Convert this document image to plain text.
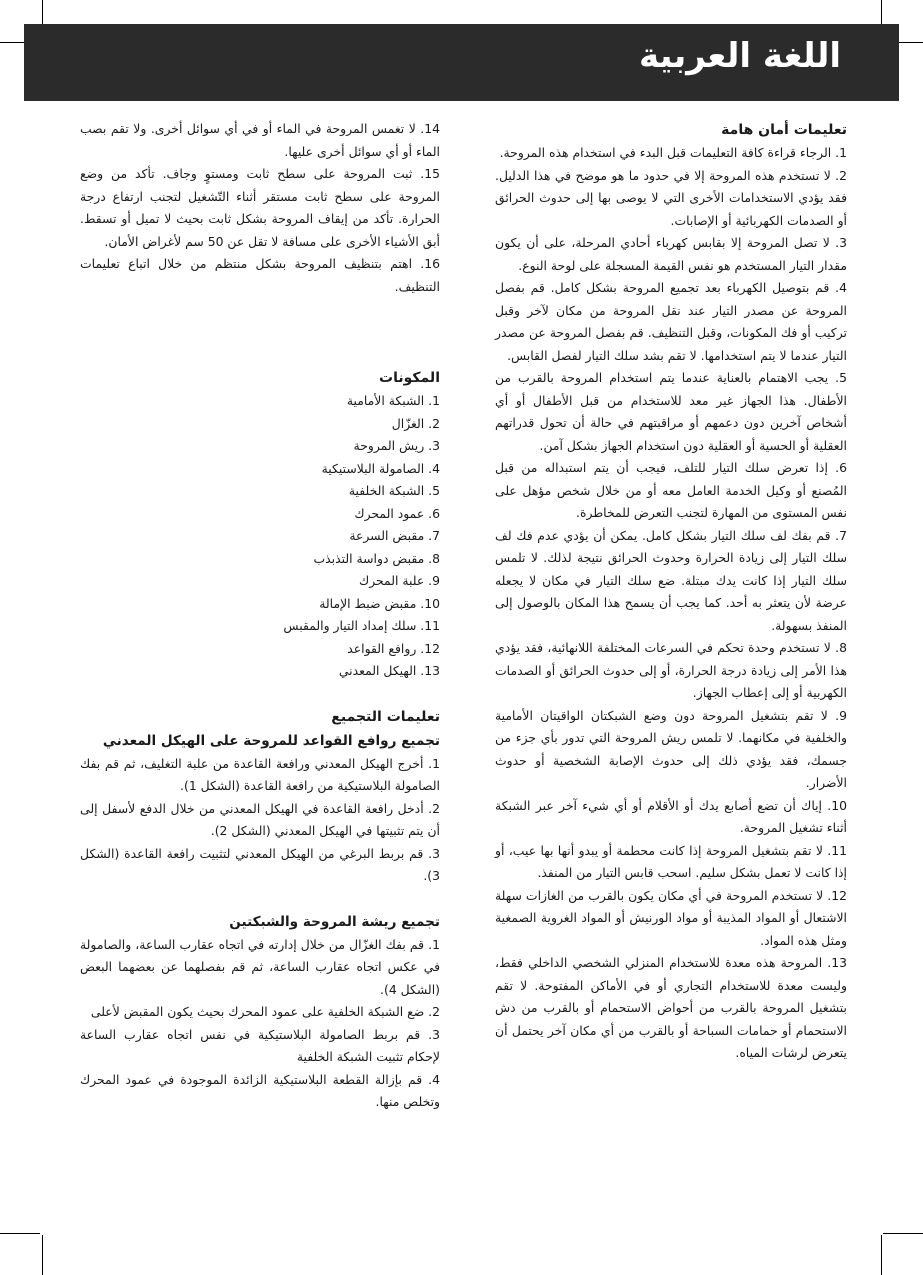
اللغة العربية

تعليمات أمان هامة

1. الرجاء قراءة كافة التعليمات قبل البدء في استخدام هذه المروحة.

2. لا تستخدم هذه المروحة إلا في حدود ما هو موضح في هذا الدليل. فقد يؤدي الاستخدامات الأخرى التي لا يوصى بها إلى حدوث الحرائق أو الصدمات الكهربائية أو الإصابات.

3. لا تصل المروحة إلا بقابس كهرباء أحادي المرحلة، على أن يكون مقدار التيار المستخدم هو نفس القيمة المسجلة على لوحة النوع.

4. قم بتوصيل الكهرباء بعد تجميع المروحة بشكل كامل. قم بفصل المروحة عن مصدر التيار عند نقل المروحة من مكان لآخر وقبل تركيب أو فك المكونات، وقبل التنظيف. قم بفصل المروحة عن مصدر التيار عندما لا يتم استخدامها. لا تقم بشد سلك التيار لفصل القابس.

5. يجب الاهتمام بالعناية عندما يتم استخدام المروحة بالقرب من الأطفال. هذا الجهاز غير معد للاستخدام من قبل الأطفال أو أي أشخاص آخرين دون دعمهم أو مراقبتهم في حالة أن تحول قدراتهم العقلية أو الحسية أو العقلية دون استخدام الجهاز بشكل آمن.

6. إذا تعرض سلك التيار للتلف، فيجب أن يتم استبداله من قبل المُصنع أو وكيل الخدمة العامل معه أو من خلال شخص مؤهل على نفس المستوى من المهارة لتجنب التعرض للمخاطرة.

7. قم بفك لف سلك التيار بشكل كامل. يمكن أن يؤدي عدم فك لف سلك التيار إلى زيادة الحرارة وحدوث الحرائق نتيجة لذلك. لا تلمس سلك التيار إذا كانت يدك مبتلة. ضع سلك التيار في مكان لا يجعله عرضة لأن يتعثر به أحد. كما يجب أن يسمح هذا المكان بالوصول إلى المنفذ بسهولة.

8. لا تستخدم وحدة تحكم في السرعات المختلفة اللانهائية، فقد يؤدي هذا الأمر إلى زيادة درجة الحرارة، أو إلى حدوث الحرائق أو الصدمات الكهربية أو إلى إعطاب الجهاز.

9. لا تقم بتشغيل المروحة دون وضع الشبكتان الواقيتان الأمامية والخلفية في مكانهما. لا تلمس ريش المروحة التي تدور بأي جزء من جسمك، فقد يؤدي ذلك إلى حدوث الإصابة الشخصية أو حدوث الأضرار.

10. إياك أن تضع أصابع يدك أو الأقلام أو أي شيء آخر عبر الشبكة أثناء تشغيل المروحة.

11. لا تقم بتشغيل المروحة إذا كانت محطمة أو يبدو أنها بها عيب، أو إذا كانت لا تعمل بشكل سليم. اسحب قابس التيار من المنفذ.

12. لا تستخدم المروحة في أي مكان يكون بالقرب من الغازات سهلة الاشتعال أو المواد المذيبة أو مواد الورنيش أو المواد الغروية الصمغية ومثل هذه المواد.

13. المروحة هذه معدة للاستخدام المنزلي الشخصي الداخلي فقط، وليست معدة للاستخدام التجاري أو في الأماكن المفتوحة. لا تقم بتشغيل المروحة بالقرب من أحواض الاستحمام أو بالقرب من دش الاستحمام أو حمامات السباحة أو بالقرب من أي مكان آخر يحتمل أن يتعرض لرشات المياه.

14. لا تغمس المروحة في الماء أو في أي سوائل أخرى. ولا تقم بصب الماء أو أي سوائل أخرى عليها.

15. ثبت المروحة على سطح ثابت ومستوٍ وجاف. تأكد من وضع المروحة على سطح ثابت مستقر أثناء التّشغيل لتجنب ارتفاع درجة الحرارة. تأكد من إيقاف المروحة بشكل ثابت بحيث لا تميل أو تسقط. أبق الأشياء الأخرى على مسافة لا تقل عن 50 سم لأغراض الأمان.

16. اهتم بتنظيف المروحة بشكل منتظم من خلال اتباع تعليمات التنظيف.

المكونات

1. الشبكة الأمامية
2. الغزّال
3. ريش المروحة
4. الصامولة البلاستيكية
5. الشبكة الخلفية
6. عمود المحرك
7. مقبض السرعة
8. مقبض دواسة التذبذب
9. علبة المحرك
10. مقبض ضبط الإمالة
11. سلك إمداد التيار والمقبس
12. روافع القواعد
13. الهيكل المعدني

تعليمات التجميع

تجميع روافع القواعد للمروحة على الهيكل المعدني

1. أخرج الهيكل المعدني ورافعة القاعدة من علبة التغليف، ثم قم بفك الصامولة البلاستيكية من رافعة القاعدة (الشكل 1).

2. أدخل رافعة القاعدة في الهيكل المعدني من خلال الدفع لأسفل إلى أن يتم تثبيتها في الهيكل المعدني (الشكل 2).

3. قم بربط البرغي من الهيكل المعدني لتثبيت رافعة القاعدة (الشكل 3).

تجميع ريشة المروحة والشبكتين

1. قم بفك الغزّال من خلال إدارته في اتجاه عقارب الساعة، والصامولة في عكس اتجاه عقارب الساعة، ثم قم بفصلهما عن بعضهما البعض (الشكل 4).

2. ضع الشبكة الخلفية على عمود المحرك بحيث يكون المقبض لأعلى

3. قم بربط الصامولة البلاستيكية في نفس اتجاه عقارب الساعة لإحكام تثبيت الشبكة الخلفية

4. قم بإزالة القطعة البلاستيكية الزائدة الموجودة في عمود المحرك وتخلص منها.
